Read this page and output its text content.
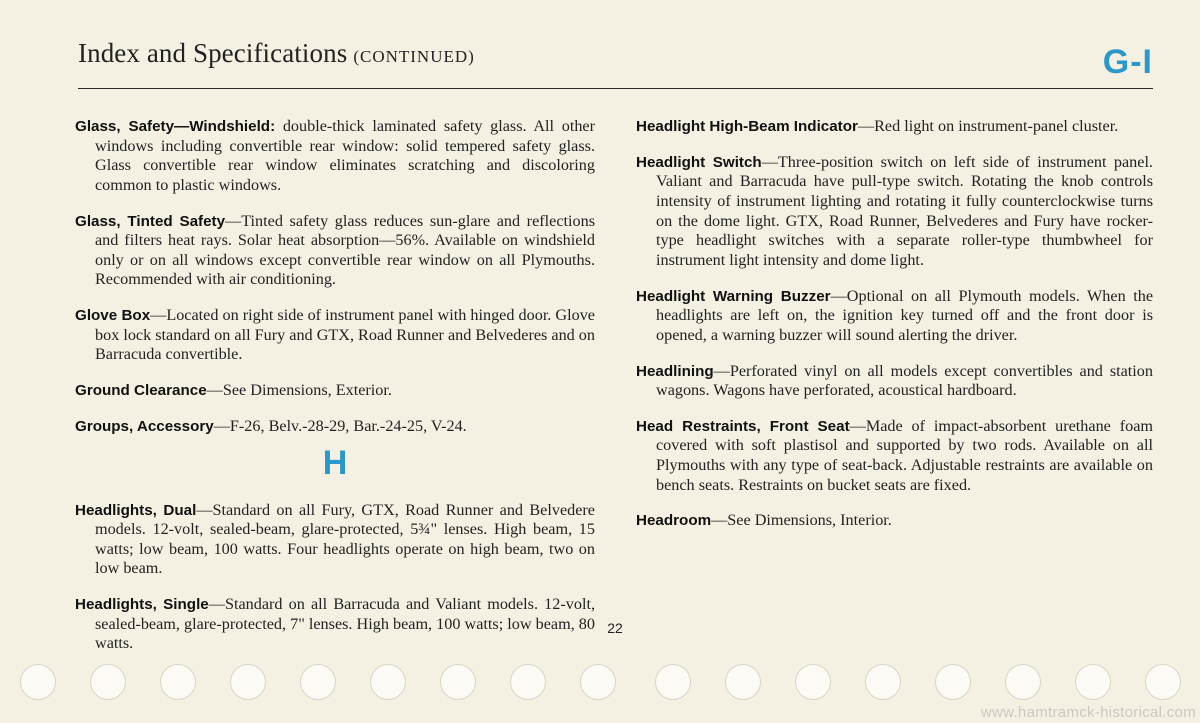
Index and Specifications (CONTINUED)	G-I

Glass, Safety—Windshield: double-thick laminated safety glass. All other windows including convertible rear window: solid tempered safety glass. Glass convertible rear window eliminates scratching and discoloring common to plastic windows.

Glass, Tinted Safety—Tinted safety glass reduces sun-glare and reflections and filters heat rays. Solar heat absorption—56%. Available on windshield only or on all windows except convertible rear window on all Plymouths. Recommended with air conditioning.

Glove Box—Located on right side of instrument panel with hinged door. Glove box lock standard on all Fury and GTX, Road Runner and Belvederes and on Barracuda convertible.

Ground Clearance—See Dimensions, Exterior.

Groups, Accessory—F-26, Belv.-28-29, Bar.-24-25, V-24.

H

Headlights, Dual—Standard on all Fury, GTX, Road Runner and Belvedere models. 12-volt, sealed-beam, glare-protected, 5¾" lenses. High beam, 15 watts; low beam, 100 watts. Four headlights operate on high beam, two on low beam.

Headlights, Single—Standard on all Barracuda and Valiant models. 12-volt, sealed-beam, glare-protected, 7" lenses. High beam, 100 watts; low beam, 80 watts.

Headlight High-Beam Indicator—Red light on instrument-panel cluster.

Headlight Switch—Three-position switch on left side of instrument panel. Valiant and Barracuda have pull-type switch. Rotating the knob controls intensity of instrument lighting and rotating it fully counterclockwise turns on the dome light. GTX, Road Runner, Belvederes and Fury have rocker-type headlight switches with a separate roller-type thumbwheel for instrument light intensity and dome light.

Headlight Warning Buzzer—Optional on all Plymouth models. When the headlights are left on, the ignition key turned off and the front door is opened, a warning buzzer will sound alerting the driver.

Headlining—Perforated vinyl on all models except convertibles and station wagons. Wagons have perforated, acoustical hardboard.

Head Restraints, Front Seat—Made of impact-absorbent urethane foam covered with soft plastisol and supported by two rods. Available on all Plymouths with any type of seat-back. Adjustable restraints are available on bench seats. Restraints on bucket seats are fixed.

Headroom—See Dimensions, Interior.

22
www.hamtramck-historical.com
